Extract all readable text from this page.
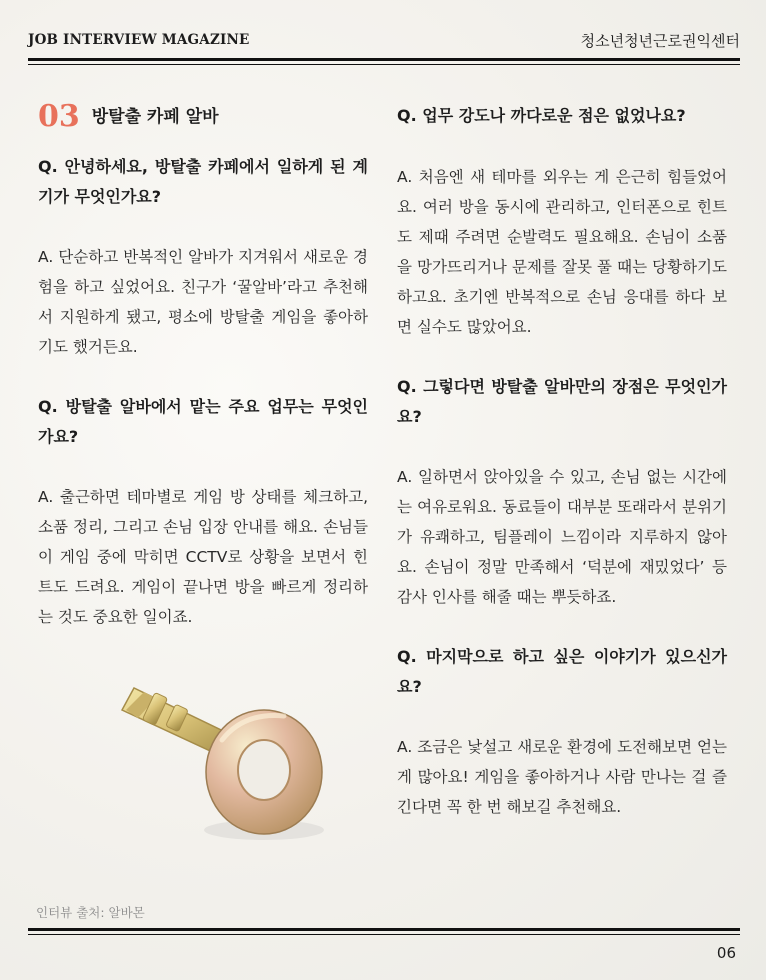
JOB INTERVIEW MAGAZINE	청소년청년근로권익센터
03 방탈출 카페 알바

Q. 안녕하세요, 방탈출 카페에서 일하게 된 계기가 무엇인가요?

A. 단순하고 반복적인 알바가 지겨워서 새로운 경험을 하고 싶었어요. 친구가 ‘꿀알바’라고 추천해서 지원하게 됐고, 평소에 방탈출 게임을 좋아하기도 했거든요.

Q. 방탈출 알바에서 맡는 주요 업무는 무엇인가요?

A. 출근하면 테마별로 게임 방 상태를 체크하고, 소품 정리, 그리고 손님 입장 안내를 해요. 손님들이 게임 중에 막히면 CCTV로 상황을 보면서 힌트도 드려요. 게임이 끝나면 방을 빠르게 정리하는 것도 중요한 일이죠.

Q. 업무 강도나 까다로운 점은 없었나요?

A. 처음엔 새 테마를 외우는 게 은근히 힘들었어요. 여러 방을 동시에 관리하고, 인터폰으로 힌트도 제때 주려면 순발력도 필요해요. 손님이 소품을 망가뜨리거나 문제를 잘못 풀 때는 당황하기도 하고요. 초기엔 반복적으로 손님 응대를 하다 보면 실수도 많았어요.

Q. 그렇다면 방탈출 알바만의 장점은 무엇인가요?

A. 일하면서 앉아있을 수 있고, 손님 없는 시간에는 여유로워요. 동료들이 대부분 또래라서 분위기가 유쾌하고, 팀플레이 느낌이라 지루하지 않아요. 손님이 정말 만족해서 ‘덕분에 재밌었다’ 등 감사 인사를 해줄 때는 뿌듯하죠.

Q. 마지막으로 하고 싶은 이야기가 있으신가요?

A. 조금은 낯설고 새로운 환경에 도전해보면 얻는 게 많아요! 게임을 좋아하거나 사람 만나는 걸 즐긴다면 꼭 한 번 해보길 추천해요.

인터뷰 출처: 알바몬
06
